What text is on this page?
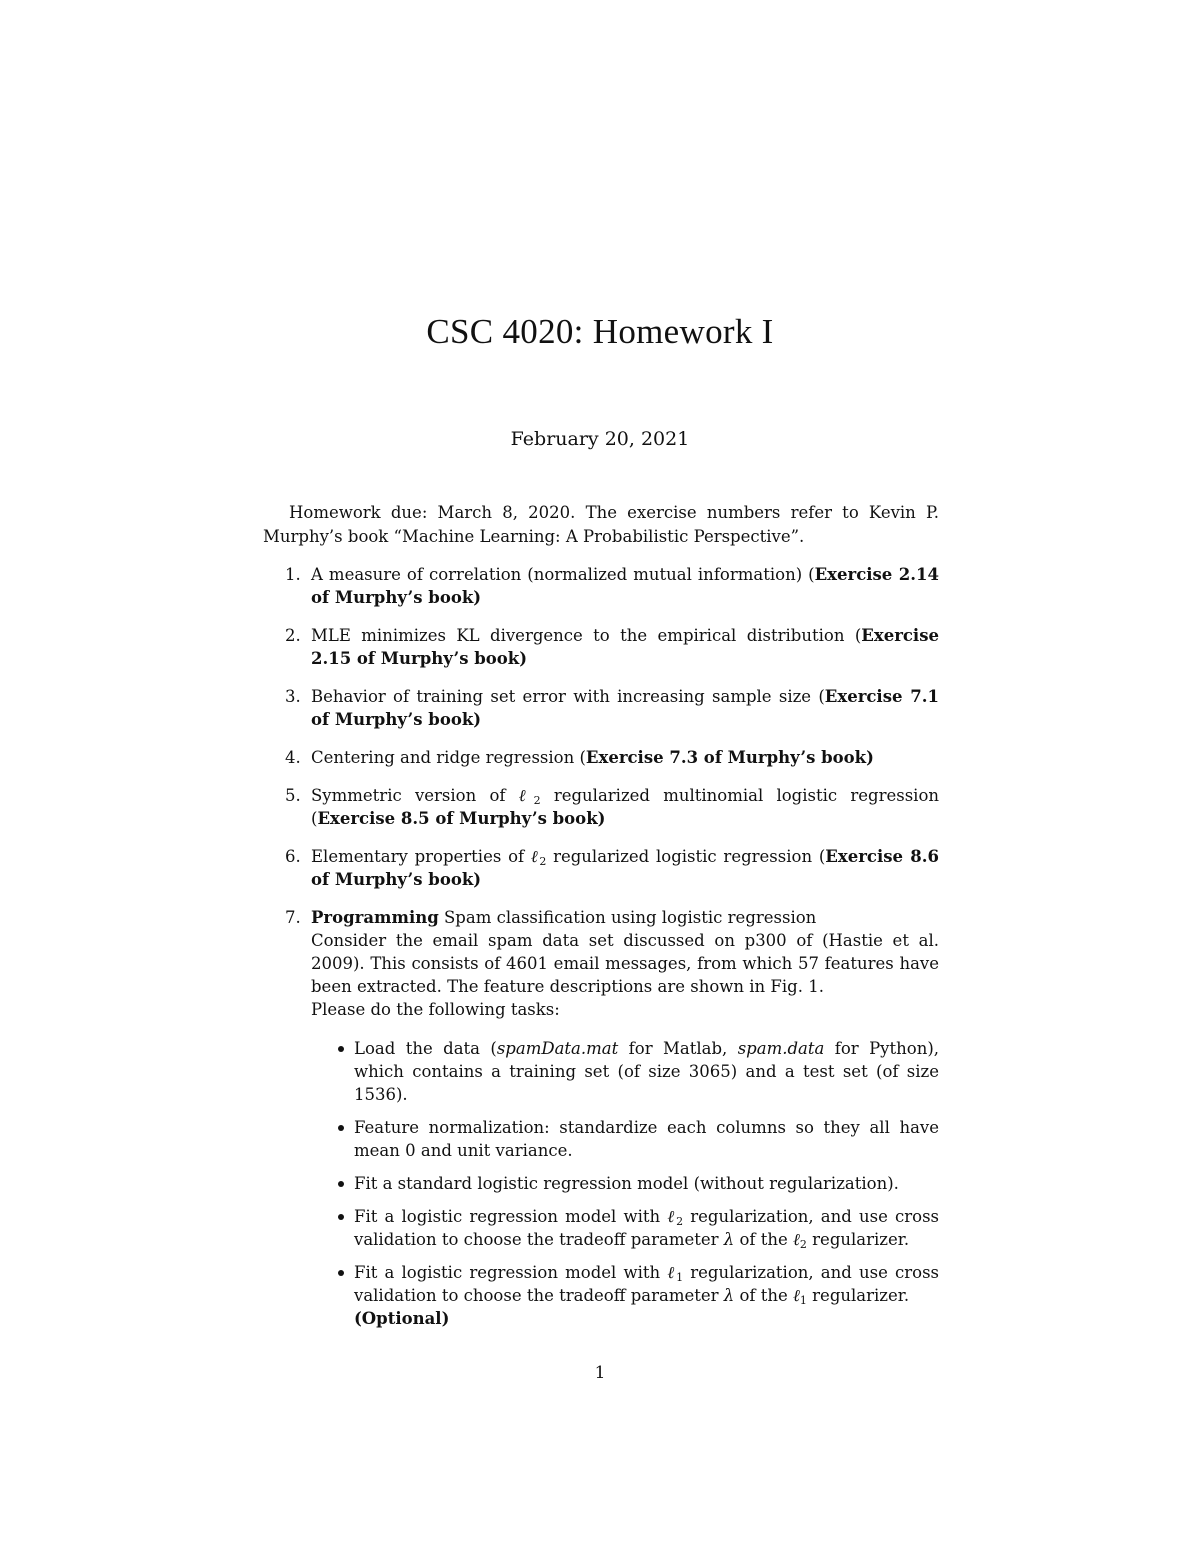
CSC 4020: Homework I
February 20, 2021

Homework due: March 8, 2020. The exercise numbers refer to Kevin P. Murphy’s book “Machine Learning: A Probabilistic Perspective”.

1. A measure of correlation (normalized mutual information) (Exercise 2.14 of Murphy’s book)
2. MLE minimizes KL divergence to the empirical distribution (Exercise 2.15 of Murphy’s book)
3. Behavior of training set error with increasing sample size (Exercise 7.1 of Murphy’s book)
4. Centering and ridge regression (Exercise 7.3 of Murphy’s book)
5. Symmetric version of ℓ$_2$ regularized multinomial logistic regression (Exercise 8.5 of Murphy’s book)
6. Elementary properties of ℓ$_2$ regularized logistic regression (Exercise 8.6 of Murphy’s book)
7. Programming Spam classification using logistic regression
Consider the email spam data set discussed on p300 of (Hastie et al. 2009). This consists of 4601 email messages, from which 57 features have been extracted. The feature descriptions are shown in Fig. 1.
Please do the following tasks:
Load the data (spamData.mat for Matlab, spam.data for Python), which contains a training set (of size 3065) and a test set (of size 1536).
Feature normalization: standardize each columns so they all have mean 0 and unit variance.
Fit a standard logistic regression model (without regularization).
Fit a logistic regression model with ℓ$_2$ regularization, and use cross validation to choose the tradeoff parameter λ of the ℓ$_2$ regularizer.
Fit a logistic regression model with ℓ$_1$ regularization, and use cross validation to choose the tradeoff parameter λ of the ℓ$_1$ regularizer.
(Optional)
1
